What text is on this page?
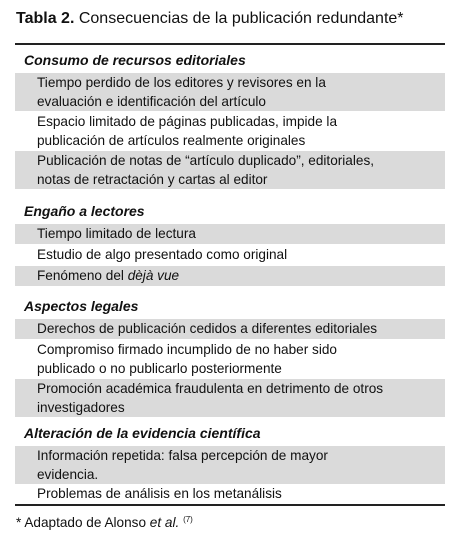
Tabla 2. Consecuencias de la publicación redundante*
Consumo de recursos editoriales
Tiempo perdido de los editores y revisores en la
evaluación e identificación del artículo
Espacio limitado de páginas publicadas, impide la
publicación de artículos realmente originales
Publicación de notas de “artículo duplicado”, editoriales,
notas de retractación y cartas al editor
Engaño a lectores
Tiempo limitado de lectura
Estudio de algo presentado como original
Fenómeno del dèjà vue
Aspectos legales
Derechos de publicación cedidos a diferentes editoriales
Compromiso firmado incumplido de no haber sido
publicado o no publicarlo posteriormente
Promoción académica fraudulenta en detrimento de otros
investigadores
Alteración de la evidencia científica
Información repetida: falsa percepción de mayor
evidencia.
Problemas de análisis en los metanálisis
* Adaptado de Alonso et al. $^{(7)}$
